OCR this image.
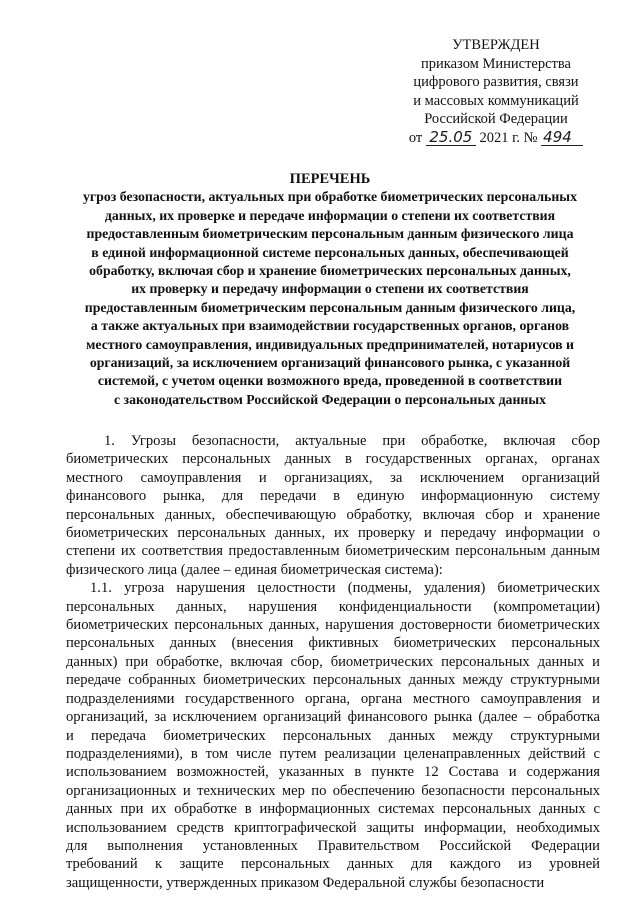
УТВЕРЖДЕН
приказом Министерства
цифрового развития, связи
и массовых коммуникаций
Российской Федерации
от 25.05 2021 г. № 494
ПЕРЕЧЕНЬ
угроз безопасности, актуальных при обработке биометрических персональных
данных, их проверке и передаче информации о степени их соответствия
предоставленным биометрическим персональным данным физического лица
в единой информационной системе персональных данных, обеспечивающей
обработку, включая сбор и хранение биометрических персональных данных,
их проверку и передачу информации о степени их соответствия
предоставленным биометрическим персональным данным физического лица,
а также актуальных при взаимодействии государственных органов, органов
местного самоуправления, индивидуальных предпринимателей, нотариусов и
организаций, за исключением организаций финансового рынка, с указанной
системой, с учетом оценки возможного вреда, проведенной в соответствии
с законодательством Российской Федерации о персональных данных
1. Угрозы безопасности, актуальные при обработке, включая сбор
биометрических персональных данных в государственных органах, органах
местного самоуправления и организациях, за исключением организаций
финансового рынка, для передачи в единую информационную систему
персональных данных, обеспечивающую обработку, включая сбор и хранение
биометрических персональных данных, их проверку и передачу информации о
степени их соответствия предоставленным биометрическим персональным данным
физического лица (далее – единая биометрическая система):
1.1. угроза нарушения целостности (подмены, удаления) биометрических
персональных данных, нарушения конфиденциальности (компрометации)
биометрических персональных данных, нарушения достоверности биометрических
персональных данных (внесения фиктивных биометрических персональных
данных) при обработке, включая сбор, биометрических персональных данных и
передаче собранных биометрических персональных данных между структурными
подразделениями государственного органа, органа местного самоуправления и
организаций, за исключением организаций финансового рынка (далее – обработка
и передача биометрических персональных данных между структурными
подразделениями), в том числе путем реализации целенаправленных действий с
использованием возможностей, указанных в пункте 12 Состава и содержания
организационных и технических мер по обеспечению безопасности персональных
данных при их обработке в информационных системах персональных данных с
использованием средств криптографической защиты информации, необходимых
для выполнения установленных Правительством Российской Федерации
требований к защите персональных данных для каждого из уровней
защищенности, утвержденных приказом Федеральной службы безопасности
